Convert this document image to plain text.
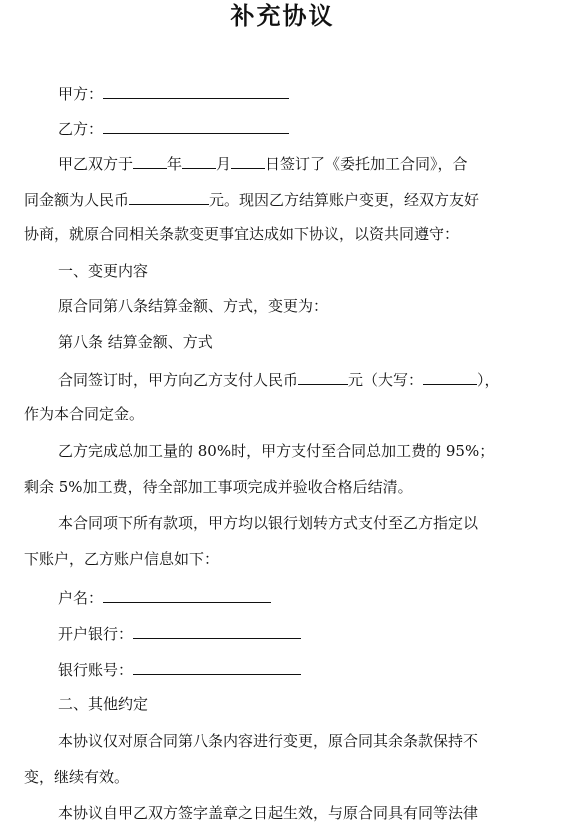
补充协议
甲方：
乙方：
甲乙双方于 年 月 日签订了《委托加工合同》，合
同金额为人民币	元。现因乙方结算账户变更，经双方友好
协商，就原合同相关条款变更事宜达成如下协议，以资共同遵守：
一、变更内容
原合同第八条结算金额、方式，变更为：
第八条 结算金额、方式
合同签订时，甲方向乙方支付人民币	元（大写：	），
作为本合同定金。
乙方完成总加工量的 80%时，甲方支付至合同总加工费的 95%；
剩余 5%加工费，待全部加工事项完成并验收合格后结清。
本合同项下所有款项，甲方均以银行划转方式支付至乙方指定以
下账户，乙方账户信息如下：
户名：
开户银行：
银行账号：
二、其他约定
本协议仅对原合同第八条内容进行变更，原合同其余条款保持不
变，继续有效。
本协议自甲乙双方签字盖章之日起生效，与原合同具有同等法律
